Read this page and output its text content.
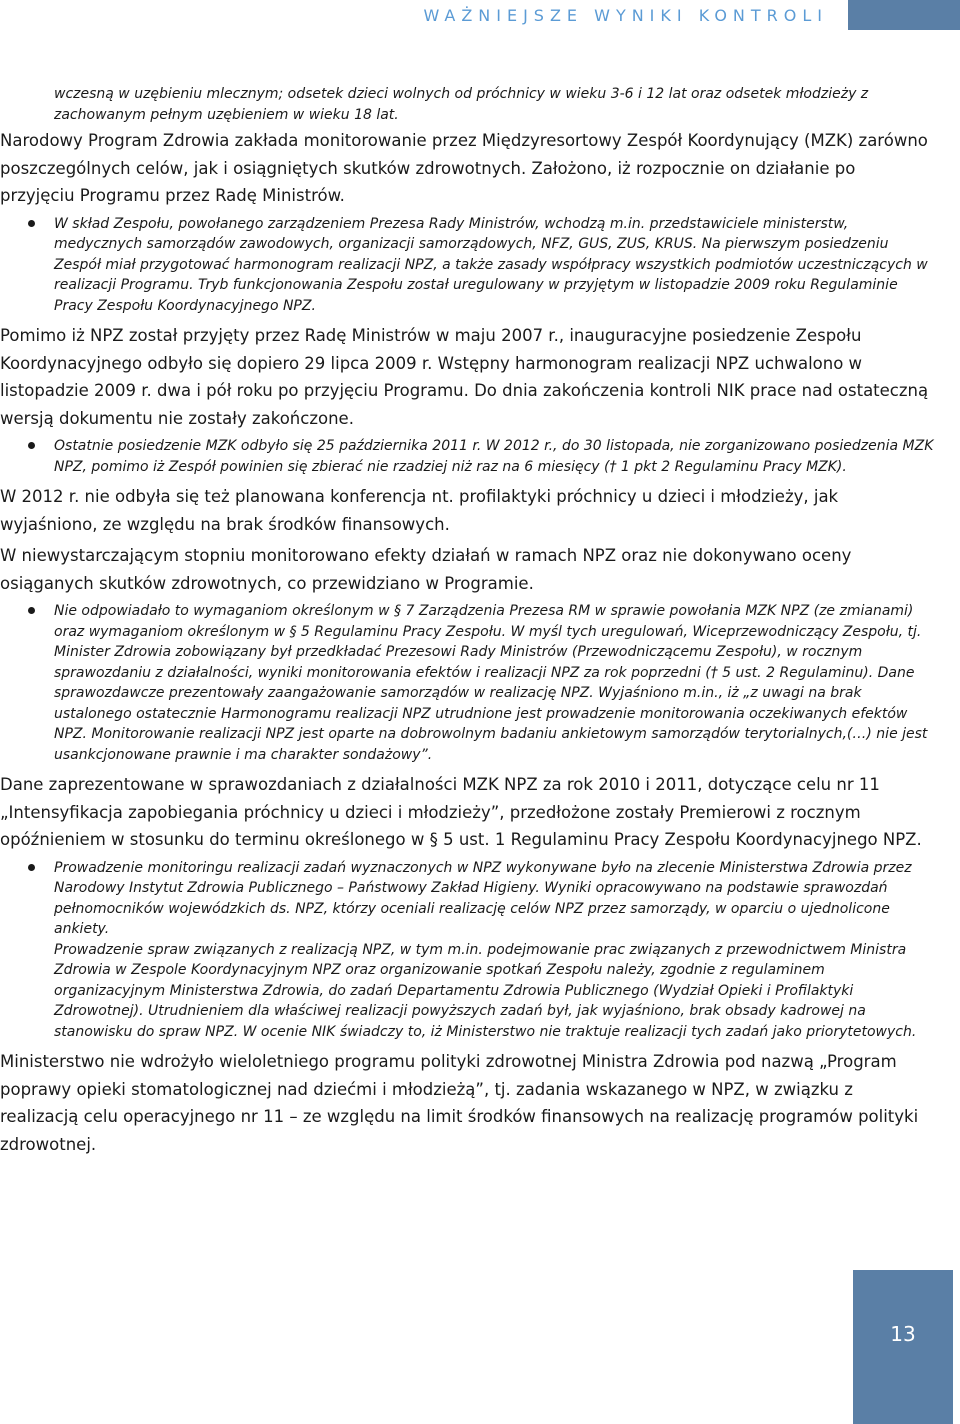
WAŻNIEJSZE WYNIKI KONTROLI

wczesną w uzębieniu mlecznym; odsetek dzieci wolnych od próchnicy w wieku 3-6 i 12 lat oraz odsetek młodzieży z zachowanym pełnym uzębieniem w wieku 18 lat.

Narodowy Program Zdrowia zakłada monitorowanie przez Międzyresortowy Zespół Koordynujący (MZK) zarówno poszczególnych celów, jak i osiągniętych skutków zdrowotnych. Założono, iż rozpocznie on działanie po przyjęciu Programu przez Radę Ministrów.

W skład Zespołu, powołanego zarządzeniem Prezesa Rady Ministrów, wchodzą m.in. przedstawiciele ministerstw, medycznych samorządów zawodowych, organizacji samorządowych, NFZ, GUS, ZUS, KRUS. Na pierwszym posiedzeniu Zespół miał przygotować harmonogram realizacji NPZ, a także zasady współpracy wszystkich podmiotów uczestniczących w realizacji Programu. Tryb funkcjonowania Zespołu został uregulowany w przyjętym w listopadzie 2009 roku Regulaminie Pracy Zespołu Koordynacyjnego NPZ.

Pomimo iż NPZ został przyjęty przez Radę Ministrów w maju 2007 r., inauguracyjne posiedzenie Zespołu Koordynacyjnego odbyło się dopiero 29 lipca 2009 r. Wstępny harmonogram realizacji NPZ uchwalono w listopadzie 2009 r. dwa i pół roku po przyjęciu Programu. Do dnia zakończenia kontroli NIK prace nad ostateczną wersją dokumentu nie zostały zakończone.

Ostatnie posiedzenie MZK odbyło się 25 października 2011 r. W 2012 r., do 30 listopada, nie zorganizowano posiedzenia MZK NPZ, pomimo iż Zespół powinien się zbierać nie rzadziej niż raz na 6 miesięcy († 1 pkt 2 Regulaminu Pracy MZK).

W 2012 r. nie odbyła się też planowana konferencja nt. profilaktyki próchnicy u dzieci i młodzieży, jak wyjaśniono, ze względu na brak środków finansowych.

W niewystarczającym stopniu monitorowano efekty działań w ramach NPZ oraz nie dokonywano oceny osiąganych skutków zdrowotnych, co przewidziano w Programie.

Nie odpowiadało to wymaganiom określonym w § 7 Zarządzenia Prezesa RM w sprawie powołania MZK NPZ (ze zmianami) oraz wymaganiom określonym w § 5 Regulaminu Pracy Zespołu. W myśl tych uregulowań, Wiceprzewodniczący Zespołu, tj. Minister Zdrowia zobowiązany był przedkładać Prezesowi Rady Ministrów (Przewodniczącemu Zespołu), w rocznym sprawozdaniu z działalności, wyniki monitorowania efektów i realizacji NPZ za rok poprzedni († 5 ust. 2 Regulaminu). Dane sprawozdawcze prezentowały zaangażowanie samorządów w realizację NPZ. Wyjaśniono m.in., iż „z uwagi na brak ustalonego ostatecznie Harmonogramu realizacji NPZ utrudnione jest prowadzenie monitorowania oczekiwanych efektów NPZ. Monitorowanie realizacji NPZ jest oparte na dobrowolnym badaniu ankietowym samorządów terytorialnych,(…) nie jest usankcjonowane prawnie i ma charakter sondażowy”.

Dane zaprezentowane w sprawozdaniach z działalności MZK NPZ za rok 2010 i 2011, dotyczące celu nr 11 „Intensyfikacja zapobiegania próchnicy u dzieci i młodzieży”, przedłożone zostały Premierowi z rocznym opóźnieniem w stosunku do terminu określonego w § 5 ust. 1 Regulaminu Pracy Zespołu Koordynacyjnego NPZ.

Prowadzenie monitoringu realizacji zadań wyznaczonych w NPZ wykonywane było na zlecenie Ministerstwa Zdrowia przez Narodowy Instytut Zdrowia Publicznego – Państwowy Zakład Higieny. Wyniki opracowywano na podstawie sprawozdań pełnomocników wojewódzkich ds. NPZ, którzy oceniali realizację celów NPZ przez samorządy, w oparciu o ujednolicone ankiety.
Prowadzenie spraw związanych z realizacją NPZ, w tym m.in. podejmowanie prac związanych z przewodnictwem Ministra Zdrowia w Zespole Koordynacyjnym NPZ oraz organizowanie spotkań Zespołu należy, zgodnie z regulaminem organizacyjnym Ministerstwa Zdrowia, do zadań Departamentu Zdrowia Publicznego (Wydział Opieki i Profilaktyki Zdrowotnej). Utrudnieniem dla właściwej realizacji powyższych zadań był, jak wyjaśniono, brak obsady kadrowej na stanowisku do spraw NPZ. W ocenie NIK świadczy to, iż Ministerstwo nie traktuje realizacji tych zadań jako priorytetowych.

Ministerstwo nie wdrożyło wieloletniego programu polityki zdrowotnej Ministra Zdrowia pod nazwą „Program poprawy opieki stomatologicznej nad dziećmi i młodzieżą”, tj. zadania wskazanego w NPZ, w związku z realizacją celu operacyjnego nr 11 – ze względu na limit środków finansowych na realizację programów polityki zdrowotnej.

13
